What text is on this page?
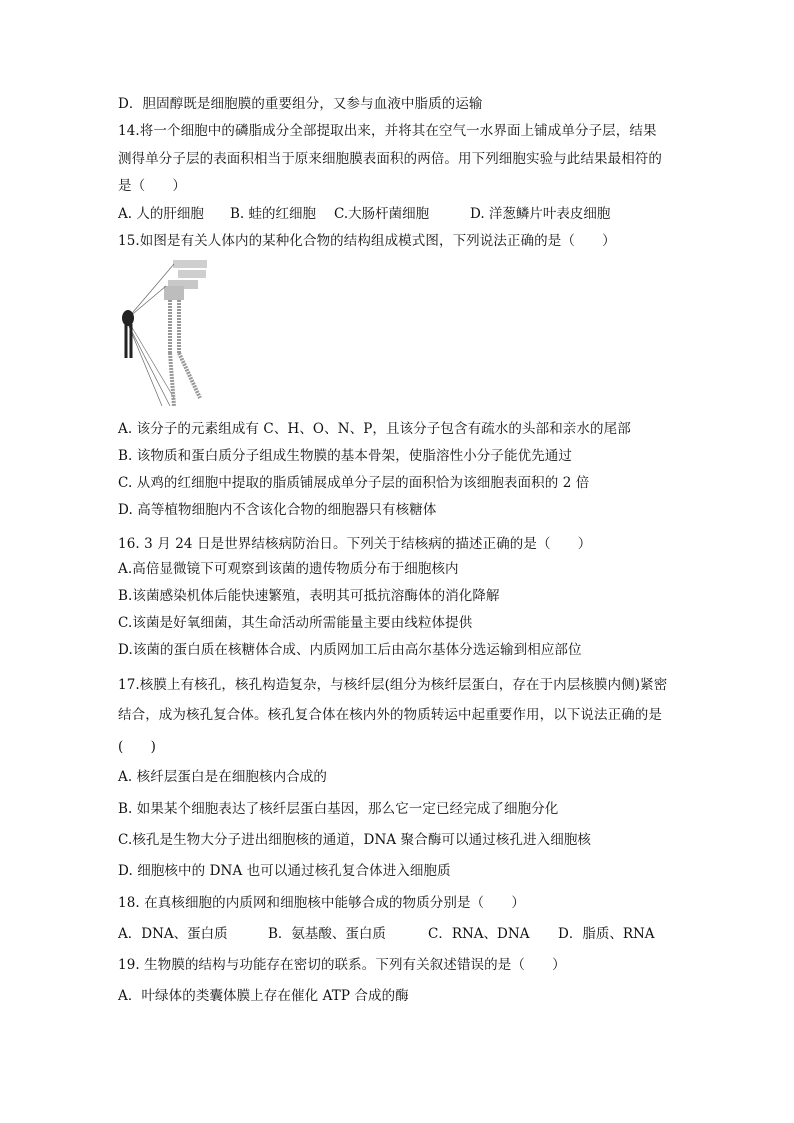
D．胆固醇既是细胞膜的重要组分，又参与血液中脂质的运输
14.将一个细胞中的磷脂成分全部提取出来，并将其在空气一水界面上铺成单分子层，结果
测得单分子层的表面积相当于原来细胞膜表面积的两倍。用下列细胞实验与此结果最相符的
是（　　）
A. 人的肝细胞 B. 蛙的红细胞 C.大肠杆菌细胞	D. 洋葱鳞片叶表皮细胞
15.如图是有关人体内的某种化合物的结构组成模式图，下列说法正确的是（　　）
A. 该分子的元素组成有 C、H、O、N、P，且该分子包含有疏水的头部和亲水的尾部
B. 该物质和蛋白质分子组成生物膜的基本骨架，使脂溶性小分子能优先通过
C. 从鸡的红细胞中提取的脂质铺展成单分子层的面积恰为该细胞表面积的 2 倍
D. 高等植物细胞内不含该化合物的细胞器只有核糖体
16. 3 月 24 日是世界结核病防治日。下列关于结核病的描述正确的是（　　）
A.高倍显微镜下可观察到该菌的遗传物质分布于细胞核内
B.该菌感染机体后能快速繁殖，表明其可抵抗溶酶体的消化降解
C.该菌是好氧细菌，其生命活动所需能量主要由线粒体提供
D.该菌的蛋白质在核糖体合成、内质网加工后由高尔基体分选运输到相应部位
17.核膜上有核孔，核孔构造复杂，与核纤层(组分为核纤层蛋白，存在于内层核膜内侧)紧密
结合，成为核孔复合体。核孔复合体在核内外的物质转运中起重要作用，以下说法正确的是
(　　)
A. 核纤层蛋白是在细胞核内合成的
B. 如果某个细胞表达了核纤层蛋白基因，那么它一定已经完成了细胞分化
C.核孔是生物大分子进出细胞核的通道，DNA 聚合酶可以通过核孔进入细胞核
D. 细胞核中的 DNA 也可以通过核孔复合体进入细胞质
18. 在真核细胞的内质网和细胞核中能够合成的物质分别是（　　）
A．DNA、蛋白质	B．氨基酸、蛋白质	C．RNA、DNA D．脂质、RNA
19. 生物膜的结构与功能存在密切的联系。下列有关叙述错误的是（　　）
A．叶绿体的类囊体膜上存在催化 ATP 合成的酶
